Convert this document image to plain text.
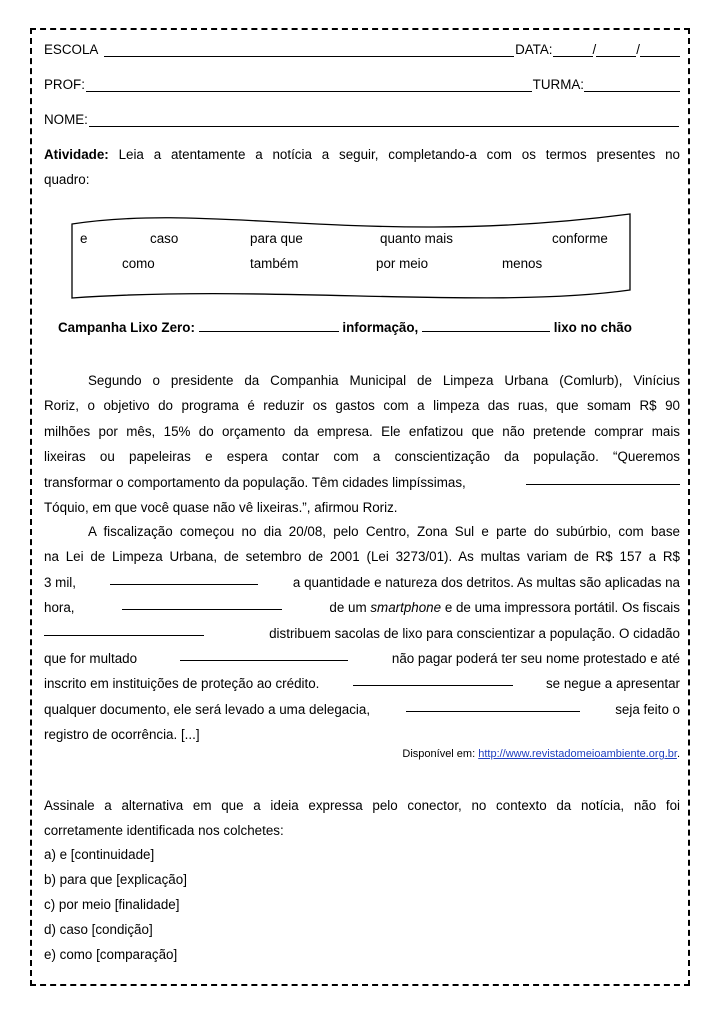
ESCOLA	DATA:	/	/
PROF:	TURMA:
NOME:
Atividade: Leia a atentamente a notícia a seguir, completando-a com os termos presentes no
quadro:
e	caso	para que	quanto mais	conforme
como	também	por meio	menos
Campanha Lixo Zero:	informação,	lixo no chão
Segundo o presidente da Companhia Municipal de Limpeza Urbana (Comlurb), Vinícius
Roriz, o objetivo do programa é reduzir os gastos com a limpeza das ruas, que somam R$ 90
milhões por mês, 15% do orçamento da empresa. Ele enfatizou que não pretende comprar mais
lixeiras ou papeleiras e espera contar com a conscientização da população. “Queremos
transformar o comportamento da população. Têm cidades limpíssimas,
Tóquio, em que você quase não vê lixeiras.”, afirmou Roriz.
A fiscalização começou no dia 20/08, pelo Centro, Zona Sul e parte do subúrbio, com base
na Lei de Limpeza Urbana, de setembro de 2001 (Lei 3273/01). As multas variam de R$ 157 a R$
3 mil,	a quantidade e natureza dos detritos. As multas são aplicadas na
hora,	de um smartphone e de uma impressora portátil. Os fiscais
distribuem sacolas de lixo para conscientizar a população. O cidadão
que for multado	não pagar poderá ter seu nome protestado e até
inscrito em instituições de proteção ao crédito.	se negue a apresentar
qualquer documento, ele será levado a uma delegacia,	seja feito o
registro de ocorrência. [...]
Disponível em: http://www.revistadomeioambiente.org.br.
Assinale a alternativa em que a ideia expressa pelo conector, no contexto da notícia, não foi
corretamente identificada nos colchetes:
a) e [continuidade]
b) para que [explicação]
c) por meio [finalidade]
d) caso [condição]
e) como [comparação]
